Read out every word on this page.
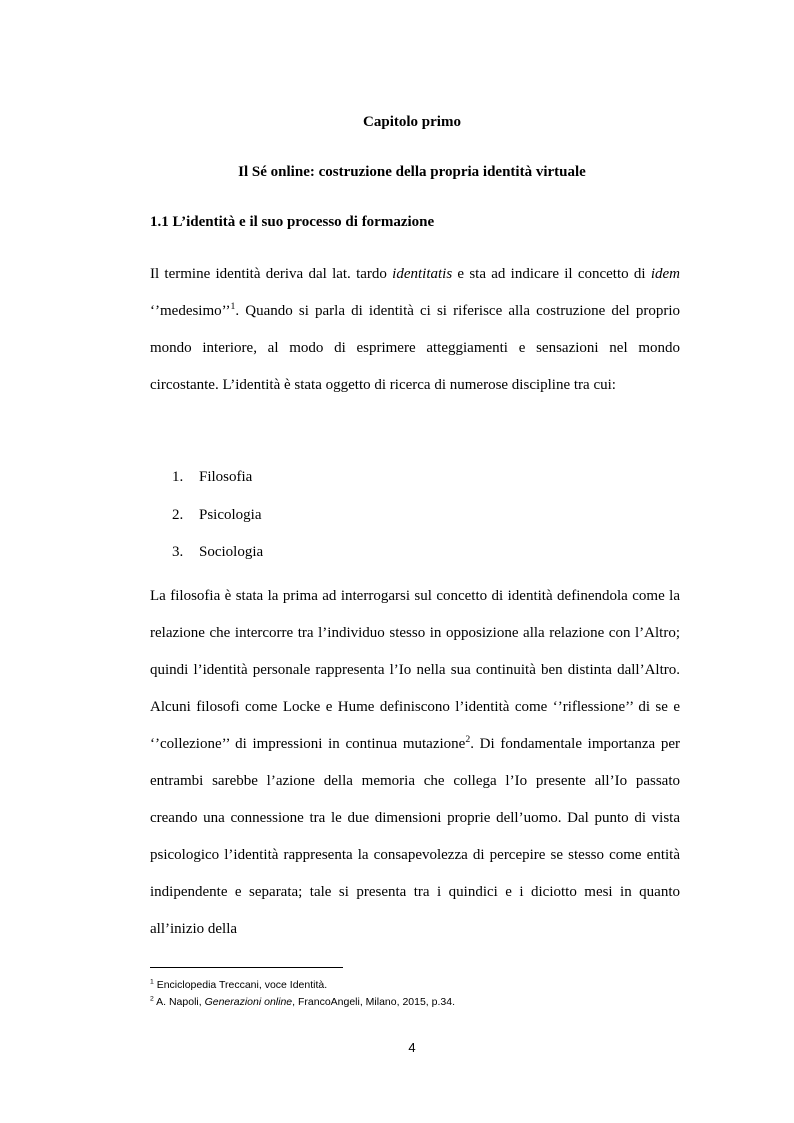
Capitolo primo
Il Sé online: costruzione della propria identità virtuale
1.1 L’identità e il suo processo di formazione
Il termine identità deriva dal lat. tardo identitatis e sta ad indicare il concetto di idem ‘’medesimo’’$^1$. Quando si parla di identità ci si riferisce alla costruzione del proprio mondo interiore, al modo di esprimere atteggiamenti e sensazioni nel mondo circostante. L’identità è stata oggetto di ricerca di numerose discipline tra cui:
1. Filosofia
2. Psicologia
3. Sociologia
La filosofia è stata la prima ad interrogarsi sul concetto di identità definendola come la relazione che intercorre tra l’individuo stesso in opposizione alla relazione con l’Altro; quindi l’identità personale rappresenta l’Io nella sua continuità ben distinta dall’Altro. Alcuni filosofi come Locke e Hume definiscono l’identità come ‘’riflessione’’ di se e ‘’collezione’’ di impressioni in continua mutazione$^2$. Di fondamentale importanza per entrambi sarebbe l’azione della memoria che collega l’Io presente all’Io passato creando una connessione tra le due dimensioni proprie dell’uomo. Dal punto di vista psicologico l’identità rappresenta la consapevolezza di percepire se stesso come entità indipendente e separata; tale si presenta tra i quindici e i diciotto mesi in quanto all’inizio della
$^1$ Enciclopedia Treccani, voce Identità.
$^2$ A. Napoli, Generazioni online, FrancoAngeli, Milano, 2015, p.34.
4
